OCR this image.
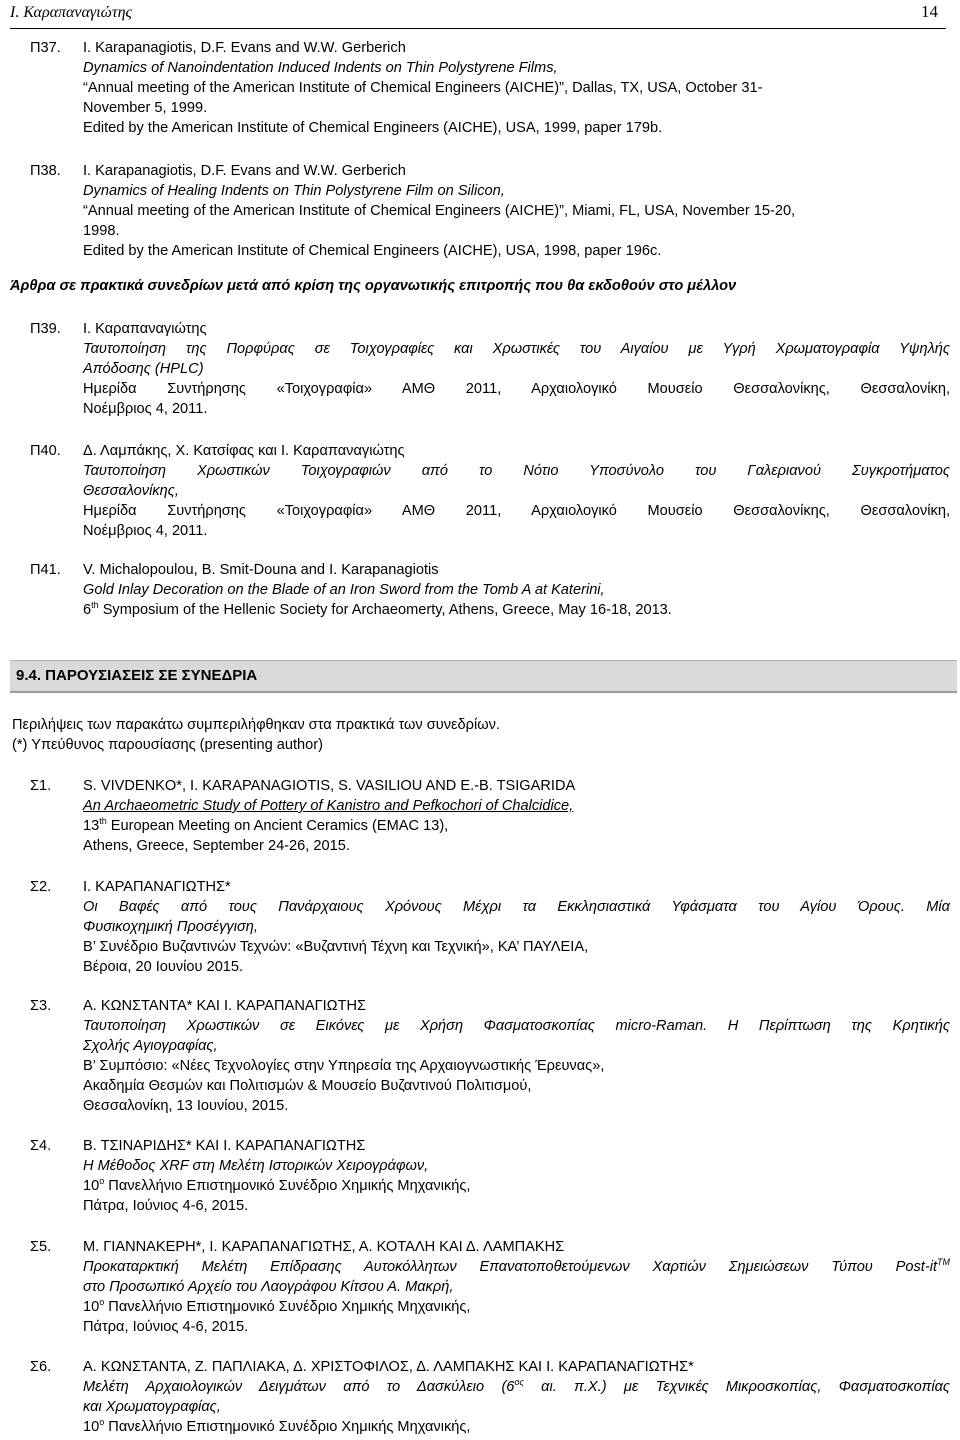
Ι. Καραπαναγιώτης	14
Π37. I. Karapanagiotis, D.F. Evans and W.W. Gerberich
Dynamics of Nanoindentation Induced Indents on Thin Polystyrene Films,
“Annual meeting of the American Institute of Chemical Engineers (AICHE)”, Dallas, TX, USA, October 31-
November 5, 1999.
Edited by the American Institute of Chemical Engineers (AICHE), USA, 1999, paper 179b.
Π38. I. Karapanagiotis, D.F. Evans and W.W. Gerberich
Dynamics of Healing Indents on Thin Polystyrene Film on Silicon,
“Annual meeting of the American Institute of Chemical Engineers (AICHE)”, Miami, FL, USA, November 15-20,
1998.
Edited by the American Institute of Chemical Engineers (AICHE), USA, 1998, paper 196c.
Άρθρα σε πρακτικά συνεδρίων μετά από κρίση της οργανωτικής επιτροπής που θα εκδοθούν στο μέλλον
Π39. Ι. Καραπαναγιώτης
Ταυτοποίηση της Πορφύρας σε Τοιχογραφίες και Χρωστικές του Αιγαίου με Υγρή Χρωματογραφία Υψηλής
Απόδοσης (HPLC)
Ημερίδα Συντήρησης «Τοιχογραφία» ΑΜΘ 2011, Αρχαιολογικό Μουσείο Θεσσαλονίκης, Θεσσαλονίκη,
Νοέμβριος 4, 2011.
Π40. Δ. Λαμπάκης, Χ. Κατσίφας και Ι. Καραπαναγιώτης
Ταυτοποίηση Χρωστικών Τοιχογραφιών από το Νότιο Υποσύνολο του Γαλεριανού Συγκροτήματος
Θεσσαλονίκης,
Ημερίδα Συντήρησης «Τοιχογραφία» ΑΜΘ 2011, Αρχαιολογικό Μουσείο Θεσσαλονίκης, Θεσσαλονίκη,
Νοέμβριος 4, 2011.
Π41. V. Michalopoulou, B. Smit-Douna and I. Karapanagiotis
Gold Inlay Decoration on the Blade of an Iron Sword from the Tomb A at Katerini,
6th Symposium of the Hellenic Society for Archaeomerty, Athens, Greece, May 16-18, 2013.
9.4. ΠΑΡΟΥΣΙΑΣΕΙΣ ΣΕ ΣΥΝΕΔΡΙΑ
Περιλήψεις των παρακάτω συμπεριλήφθηκαν στα πρακτικά των συνεδρίων.
(*) Υπεύθυνος παρουσίασης (presenting author)
Σ1. S. VIVDENKO*, I. KARAPANAGIOTIS, S. VASILIOU AND E.-B. TSIGARIDA
An Archaeometric Study of Pottery of Kanistro and Pefkochori of Chalcidice,
13th European Meeting on Ancient Ceramics (EMAC 13),
Athens, Greece, September 24-26, 2015.
Σ2. Ι. ΚΑΡΑΠΑΝΑΓΙΩΤΗΣ*
Οι Βαφές από τους Πανάρχαιους Χρόνους Μέχρι τα Εκκλησιαστικά Υφάσματα του Αγίου Όρους. Μία
Φυσικοχημική Προσέγγιση,
Β’ Συνέδριο Βυζαντινών Τεχνών: «Βυζαντινή Τέχνη και Τεχνική», ΚΑ’ ΠΑΥΛΕΙΑ,
Βέροια, 20 Ιουνίου 2015.
Σ3. Α. ΚΩΝΣΤΑΝΤΑ* ΚΑΙ Ι. ΚΑΡΑΠΑΝΑΓΙΩΤΗΣ
Ταυτοποίηση Χρωστικών σε Εικόνες με Χρήση Φασματοσκοπίας micro-Raman. Η Περίπτωση της Κρητικής
Σχολής Αγιογραφίας,
Β’ Συμπόσιο: «Νέες Τεχνολογίες στην Υπηρεσία της Αρχαιογνωστικής Έρευνας»,
Ακαδημία Θεσμών και Πολιτισμών & Μουσείο Βυζαντινού Πολιτισμού,
Θεσσαλονίκη, 13 Ιουνίου, 2015.
Σ4. Β. ΤΣΙΝΑΡΙΔΗΣ* ΚΑΙ Ι. ΚΑΡΑΠΑΝΑΓΙΩΤΗΣ
Η Μέθοδος XRF στη Μελέτη Ιστορικών Χειρογράφων,
$10^o$ Πανελλήνιο Επιστημονικό Συνέδριο Χημικής Μηχανικής,
Πάτρα, Ιούνιος 4-6, 2015.
Σ5. Μ. ΓΙΑΝΝΑΚΕΡΗ*, Ι. ΚΑΡΑΠΑΝΑΓΙΩΤΗΣ, Α. ΚΟΤΑΛΗ ΚΑΙ Δ. ΛΑΜΠΑΚΗΣ
Προκαταρκτική Μελέτη Επίδρασης Αυτοκόλλητων Επανατοποθετούμενων Χαρτιών Σημειώσεων Τύπου Post-it™
στο Προσωπικό Αρχείο του Λαογράφου Κίτσου Α. Μακρή,
$10^o$ Πανελλήνιο Επιστημονικό Συνέδριο Χημικής Μηχανικής,
Πάτρα, Ιούνιος 4-6, 2015.
Σ6. Α. ΚΩΝΣΤΑΝΤΑ, Ζ. ΠΑΠΛΙΑΚΑ, Δ. ΧΡΙΣΤΟΦΙΛΟΣ, Δ. ΛΑΜΠΑΚΗΣ ΚΑΙ Ι. ΚΑΡΑΠΑΝΑΓΙΩΤΗΣ*
Μελέτη Αρχαιολογικών Δειγμάτων από το Δασκύλειο ($6^{o\varsigma}$ αι. π.Χ.) με Τεχνικές Μικροσκοπίας, Φασματοσκοπίας
και Χρωματογραφίας,
$10^o$ Πανελλήνιο Επιστημονικό Συνέδριο Χημικής Μηχανικής,
